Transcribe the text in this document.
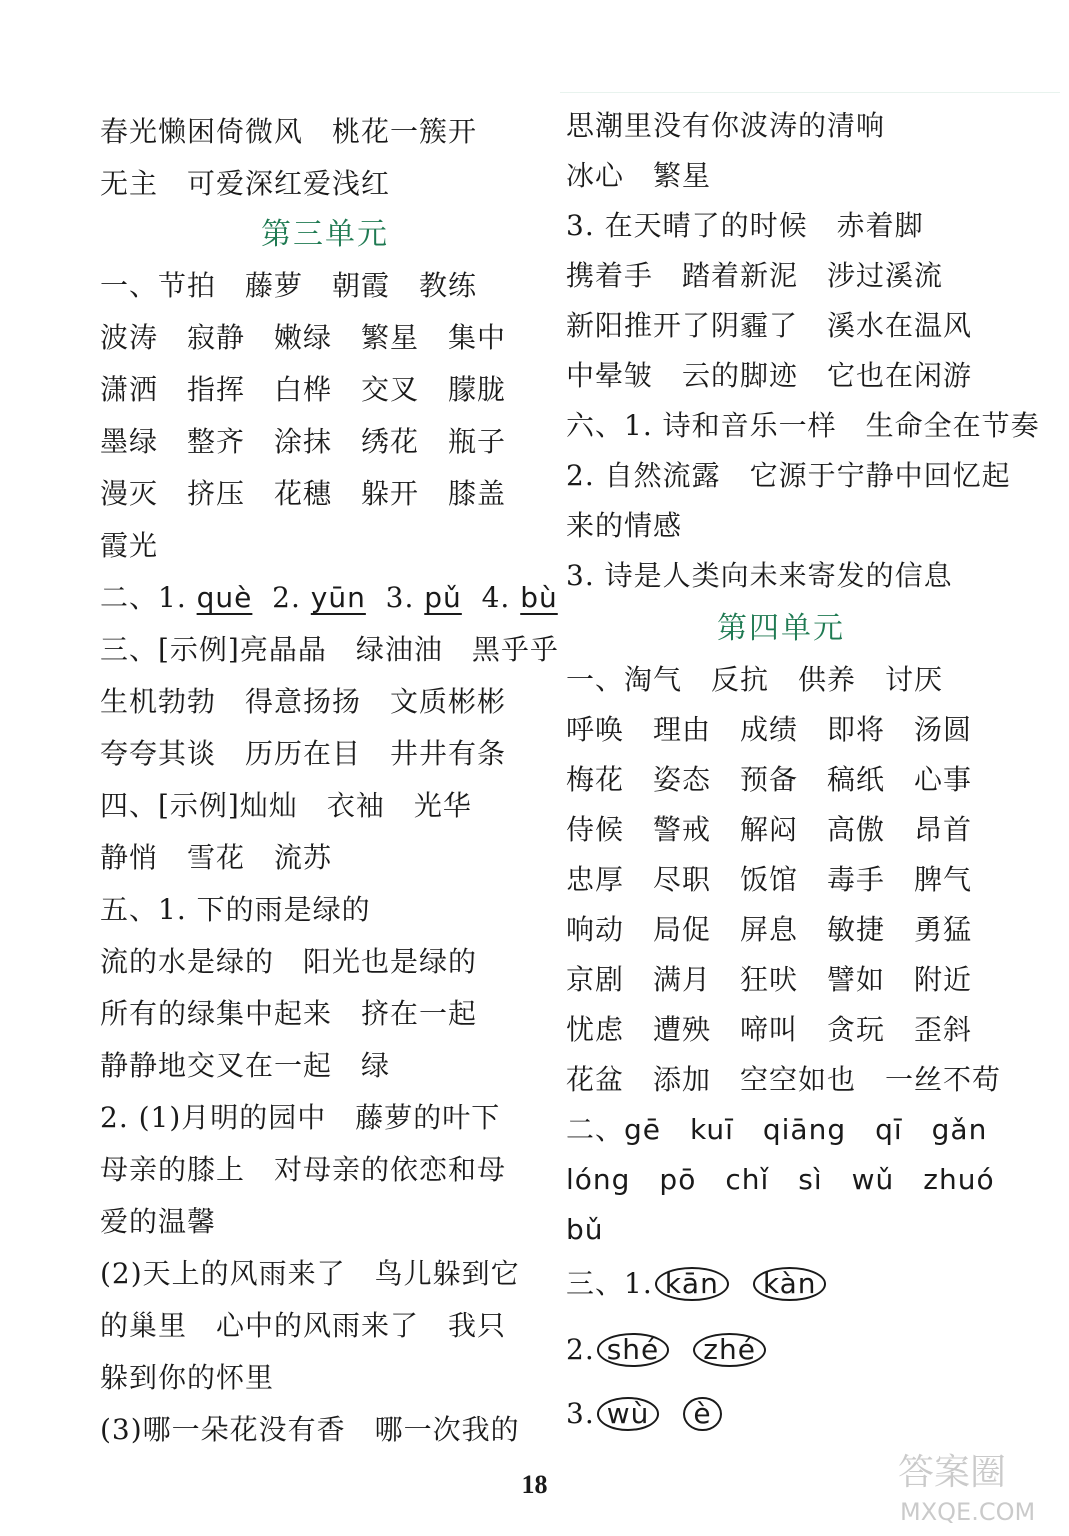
春光懒困倚微风　桃花一簇开
无主　可爱深红爱浅红
第三单元
一、节拍　藤萝　朝霞　教练
波涛　寂静　嫩绿　繁星　集中
潇洒　指挥　白桦　交叉　朦胧
墨绿　整齐　涂抹　绣花　瓶子
漫灭　挤压　花穗　躲开　膝盖
霞光
二、1. què  2. yūn  3. pǔ  4. bù
三、[示例]亮晶晶　绿油油　黑乎乎
生机勃勃　得意扬扬　文质彬彬
夸夸其谈　历历在目　井井有条
四、[示例]灿灿　衣袖　光华
静悄　雪花　流苏
五、1. 下的雨是绿的
流的水是绿的　阳光也是绿的
所有的绿集中起来　挤在一起
静静地交叉在一起　绿
2. (1)月明的园中　藤萝的叶下
母亲的膝上　对母亲的依恋和母
爱的温馨
(2)天上的风雨来了　鸟儿躲到它
的巢里　心中的风雨来了　我只
躲到你的怀里
(3)哪一朵花没有香　哪一次我的
思潮里没有你波涛的清响
冰心　繁星
3. 在天晴了的时候　赤着脚
携着手　踏着新泥　涉过溪流
新阳推开了阴霾了　溪水在温风
中晕皱　云的脚迹　它也在闲游
六、1. 诗和音乐一样　生命全在节奏
2. 自然流露　它源于宁静中回忆起
来的情感
3. 诗是人类向未来寄发的信息
第四单元
一、淘气　反抗　供养　讨厌
呼唤　理由　成绩　即将　汤圆
梅花　姿态　预备　稿纸　心事
侍候　警戒　解闷　高傲　昂首
忠厚　尽职　饭馆　毒手　脾气
响动　局促　屏息　敏捷　勇猛
京剧　满月　狂吠　譬如　附近
忧虑　遭殃　啼叫　贪玩　歪斜
花盆　添加　空空如也　一丝不苟
二、gē　kuī　qiāng　qī　gǎn
lóng　pō　chǐ　sì　wǔ　zhuó
bǔ
三、1. kān kàn
2. shé zhé
3. wù è
18	答案圈
MXQE.COM
